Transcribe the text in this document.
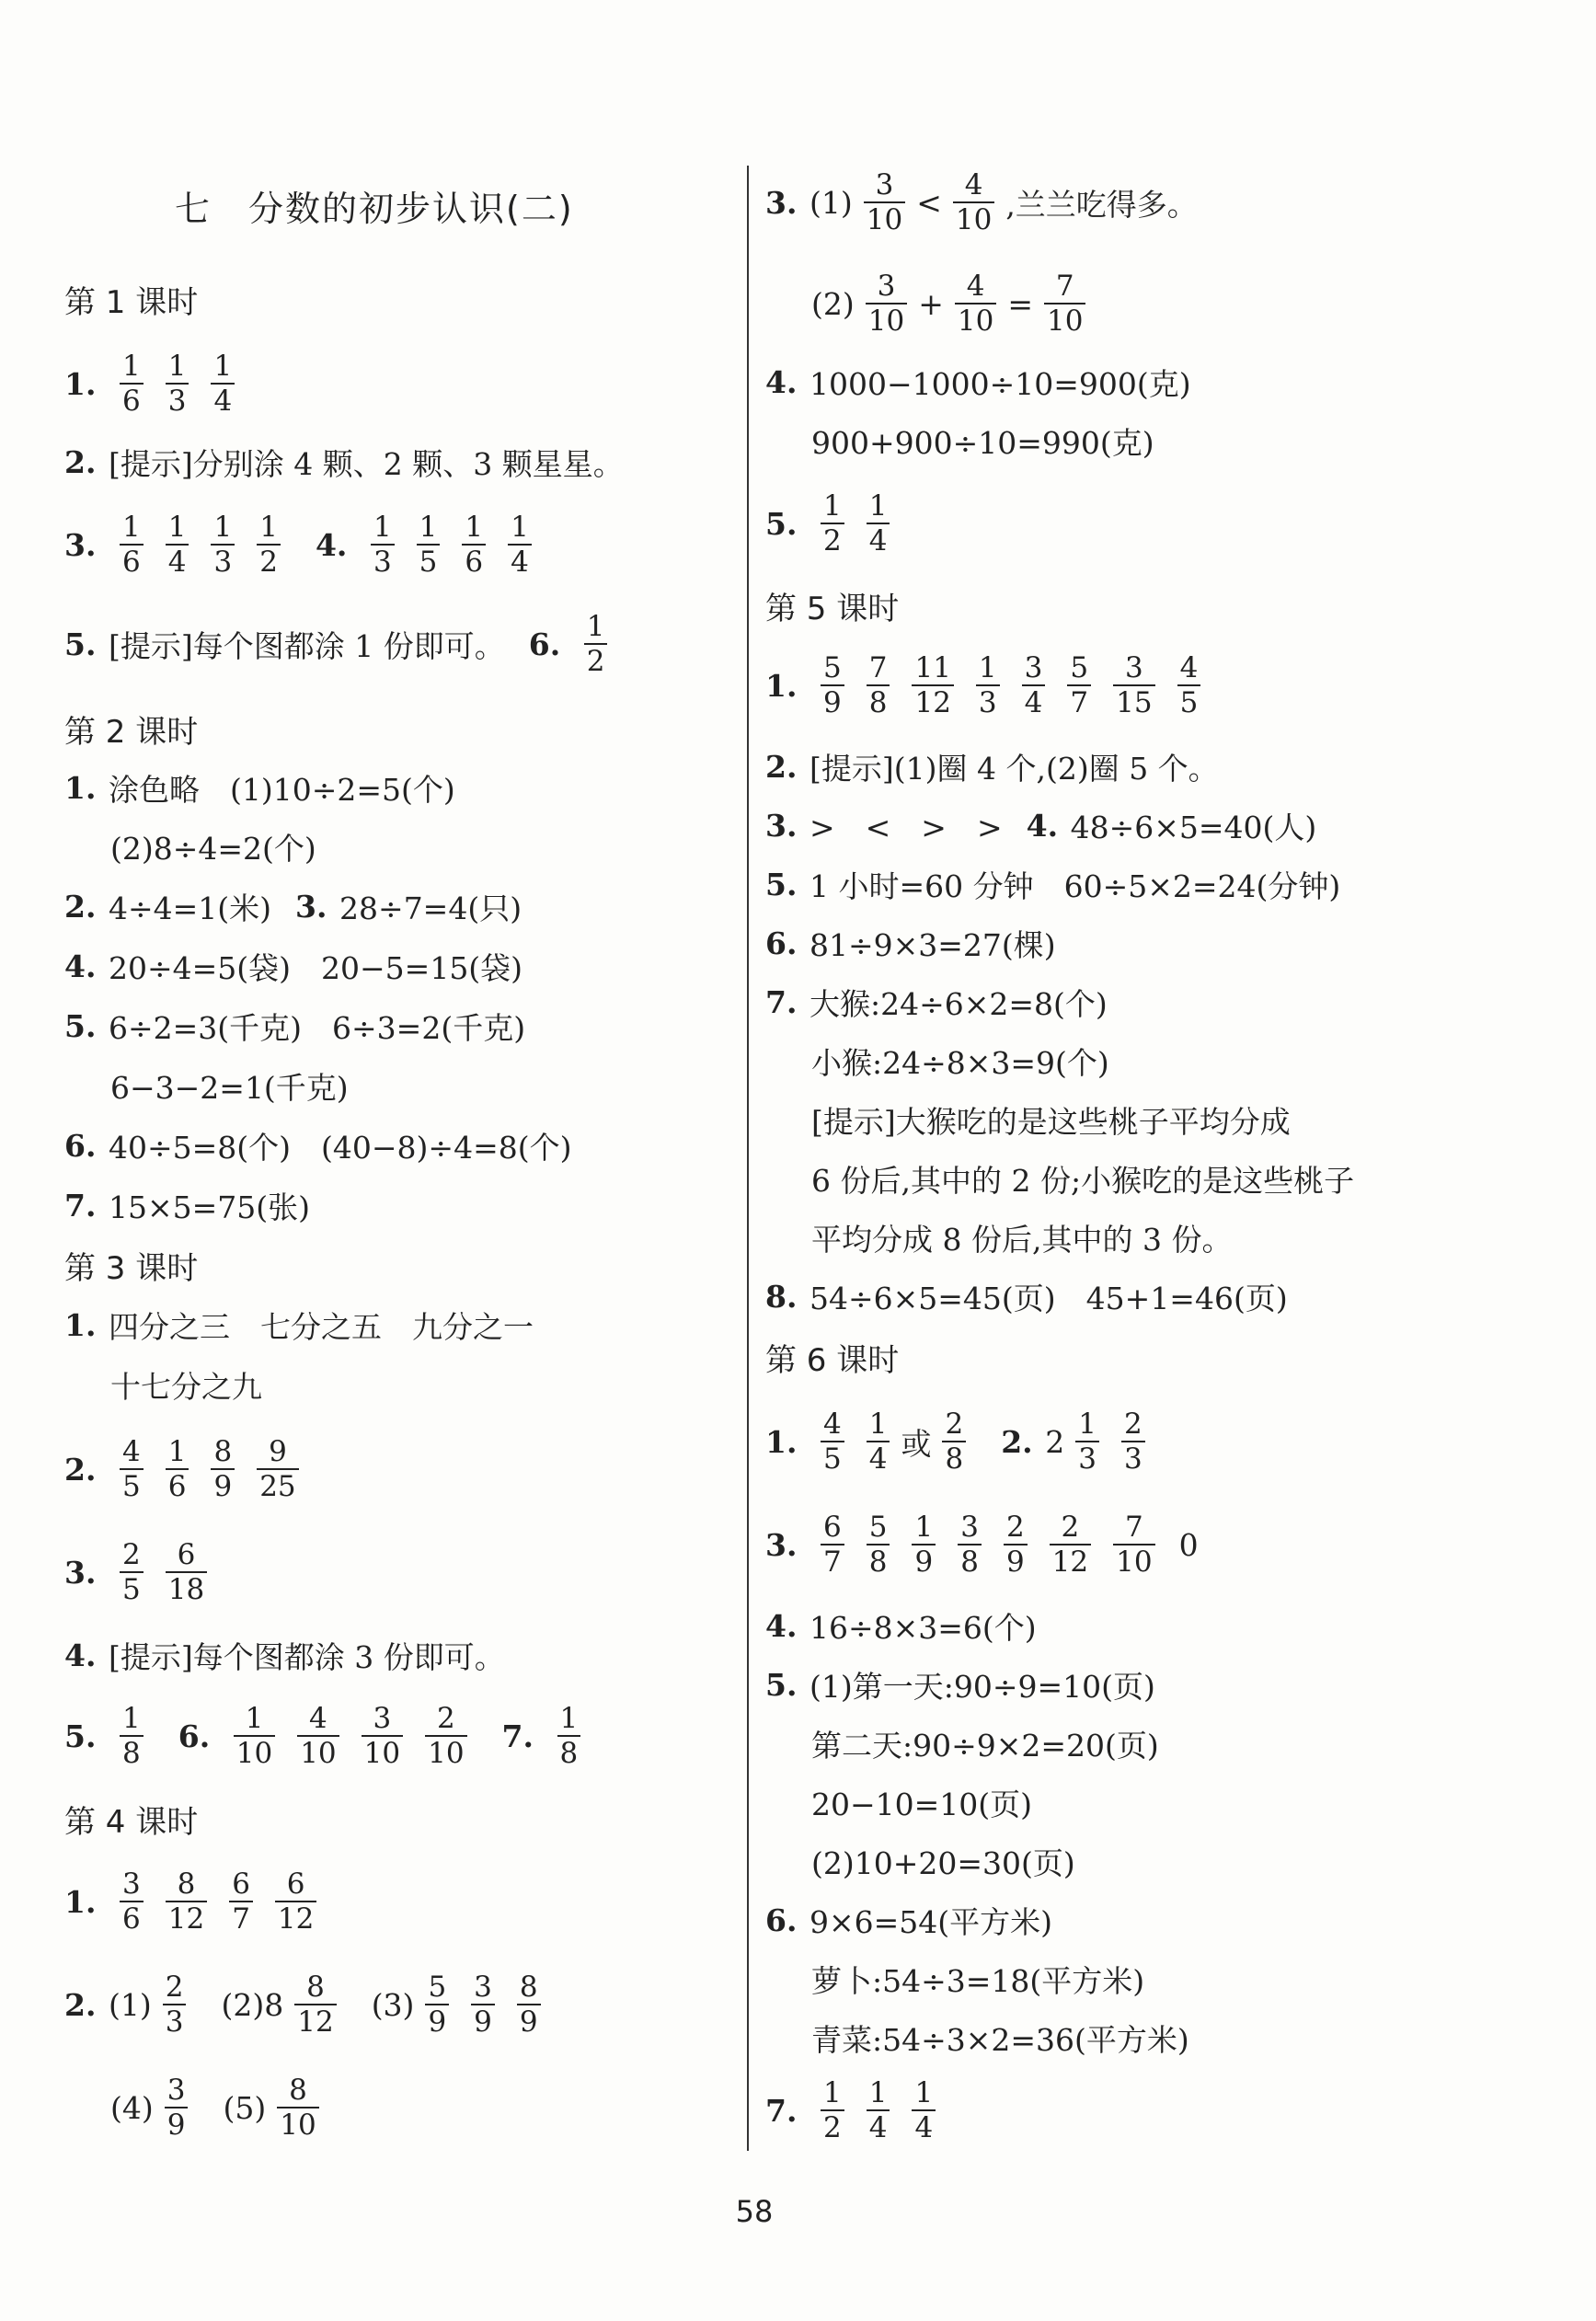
七　分数的初步认识(二)
第 1 课时
1. $\frac{1}{6} \frac{1}{3} \frac{1}{4}$
2. [提示]分别涂 4 颗、2 颗、3 颗星星。
3. $\frac{1}{6} \frac{1}{4} \frac{1}{3} \frac{1}{2} 4$. $\frac{1}{3} \frac{1}{5} \frac{1}{6} \frac{1}{4}$
5. [提示]每个图都涂 1 份即可。 6. $\frac{1}{2}$
第 2 课时
1. 涂色略　(1)10÷2=5(个)
(2)8÷4=2(个)
2. 4÷4=1(米) 3. 28÷7=4(只)
4. 20÷4=5(袋)　20−5=15(袋)
5. 6÷2=3(千克)　6÷3=2(千克)
6−3−2=1(千克)
6. 40÷5=8(个)　(40−8)÷4=8(个)
7. 15×5=75(张)
第 3 课时
1. 四分之三　七分之五　九分之一
十七分之九
2. $\frac{4}{5} \frac{1}{6} \frac{8}{9} \frac{9}{25}$
3. $\frac{2}{5} \frac{6}{18}$
4. [提示]每个图都涂 3 份即可。
5. $\frac{1}{8} 6$. $\frac{1}{10} \frac{4}{10} \frac{3}{10} \frac{2}{10} 7$. $\frac{1}{8}$
第 4 课时
1. $\frac{3}{6} \frac{8}{12} \frac{6}{7} \frac{6}{12}$
2. $(1) \frac{2}{3} (2)8 \frac{8}{12} (3) \frac{5}{9} \frac{3}{9} \frac{8}{9}$
$(4) \frac{3}{9} (5) \frac{8}{10}$
3. $(1) \frac{3}{10} < \frac{4}{10}$ ,兰兰吃得多。
$(2) \frac{3}{10} + \frac{4}{10} = \frac{7}{10}$
4. 1000−1000÷10=900(克)
900+900÷10=990(克)
5. $\frac{1}{2} \frac{1}{4}$
第 5 课时
1. $\frac{5}{9} \frac{7}{8} \frac{11}{12} \frac{1}{3} \frac{3}{4} \frac{5}{7} \frac{3}{15} \frac{4}{5}$
2. [提示](1)圈 4 个,(2)圈 5 个。
3. >　<　>　> 4. 48÷6×5=40(人)
5. 1 小时=60 分钟　60÷5×2=24(分钟)
6. 81÷9×3=27(棵)
7. 大猴:24÷6×2=8(个)
小猴:24÷8×3=9(个)
[提示]大猴吃的是这些桃子平均分成
6 份后,其中的 2 份;小猴吃的是这些桃子
平均分成 8 份后,其中的 3 份。
8. 54÷6×5=45(页)　45+1=46(页)
第 6 课时
1. $\frac{4}{5} \frac{1}{4}$ 或 $\frac{2}{8} 2$. $2 \frac{1}{3} \frac{2}{3}$
3. $\frac{6}{7} \frac{5}{8} \frac{1}{9} \frac{3}{8} \frac{2}{9} \frac{2}{12} \frac{7}{10} 0$
4. 16÷8×3=6(个)
5. (1)第一天:90÷9=10(页)
第二天:90÷9×2=20(页)
20−10=10(页)
(2)10+20=30(页)
6. 9×6=54(平方米)
萝卜:54÷3=18(平方米)
青菜:54÷3×2=36(平方米)
7. $\frac{1}{2} \frac{1}{4} \frac{1}{4}$
58
